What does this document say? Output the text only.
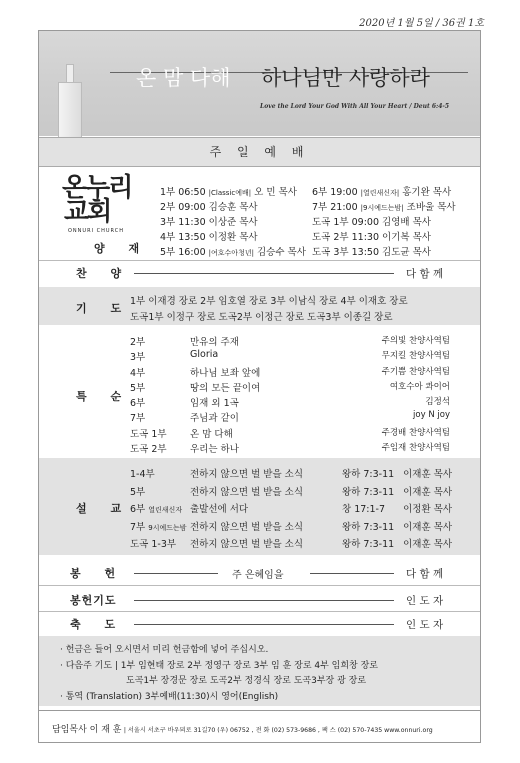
2020년 1월 5일 / 36권 1호
온 맘 다해 하나님만 사랑하라
Love the Lord Your God With All Your Heart / Deut 6:4-5
주 일 예 배
온누리
교회
ONNURI CHURCH
양 재
1부 06:50 |Classic예배| 오 민 목사
2부 09:00 김승훈 목사
3부 11:30 이상준 목사
4부 13:50 이정환 목사
5부 16:00 |여호수아청년| 김승수 목사
6부 19:00 |열린새신자| 홍기완 목사
7부 21:00 |9시예드는밤| 조바울 목사
도곡 1부 09:00 김영배 목사
도곡 2부 11:30 이기복 목사
도곡 3부 13:50 김도균 목사
찬 양	다 함 께
기 도
1부 이재경 장로 2부 임호열 장로 3부 이남식 장로 4부 이재호 장로
도곡1부 이정구 장로 도곡2부 이정근 장로 도곡3부 이종길 장로
특 순
2부	만유의 주재	주의빛 찬양사역팀
3부	Gloria	무지킬 찬양사역팀
4부	하나님 보좌 앞에	주기쁨 찬양사역팀
5부	땅의 모든 끝이여	여호수아 콰이어
6부	임재 외 1곡	김정석
7부	주님과 같이	joy N joy
도곡 1부 온 맘 다해	주경배 찬양사역팀
도곡 2부 우리는 하나	주임재 찬양사역팀
설 교
1-4부	전하지 않으면 벌 받을 소식	왕하 7:3-11 이재훈 목사
5부	전하지 않으면 벌 받을 소식	왕하 7:3-11 이재훈 목사
6부 열린새신자 출발선에 서다	창 17:1-7 이정환 목사
7부 9시예드는밤 전하지 않으면 벌 받을 소식	왕하 7:3-11 이재훈 목사
도곡 1-3부 전하지 않으면 벌 받을 소식	왕하 7:3-11 이재훈 목사
봉 헌	주 은혜임을	다 함 께
봉헌기도	인 도 자
축 도	인 도 자
· 헌금은 들어 오시면서 미리 헌금함에 넣어 주십시오.
· 다음주 기도 | 1부 임현태 장로 2부 정영구 장로 3부 임 훈 장로 4부 임희창 장로
도곡1부 장경문 장로 도곡2부 정경식 장로 도곡3부장 광 장로
· 통역 (Translation) 3부예배(11:30)시 영어(English)
담임목사 이 재 훈 | 서울시 서초구 바우뫼로 31길70 (우) 06752 , 전 화 (02) 573-9686 , 팩 스 (02) 570-7435 www.onnuri.org
